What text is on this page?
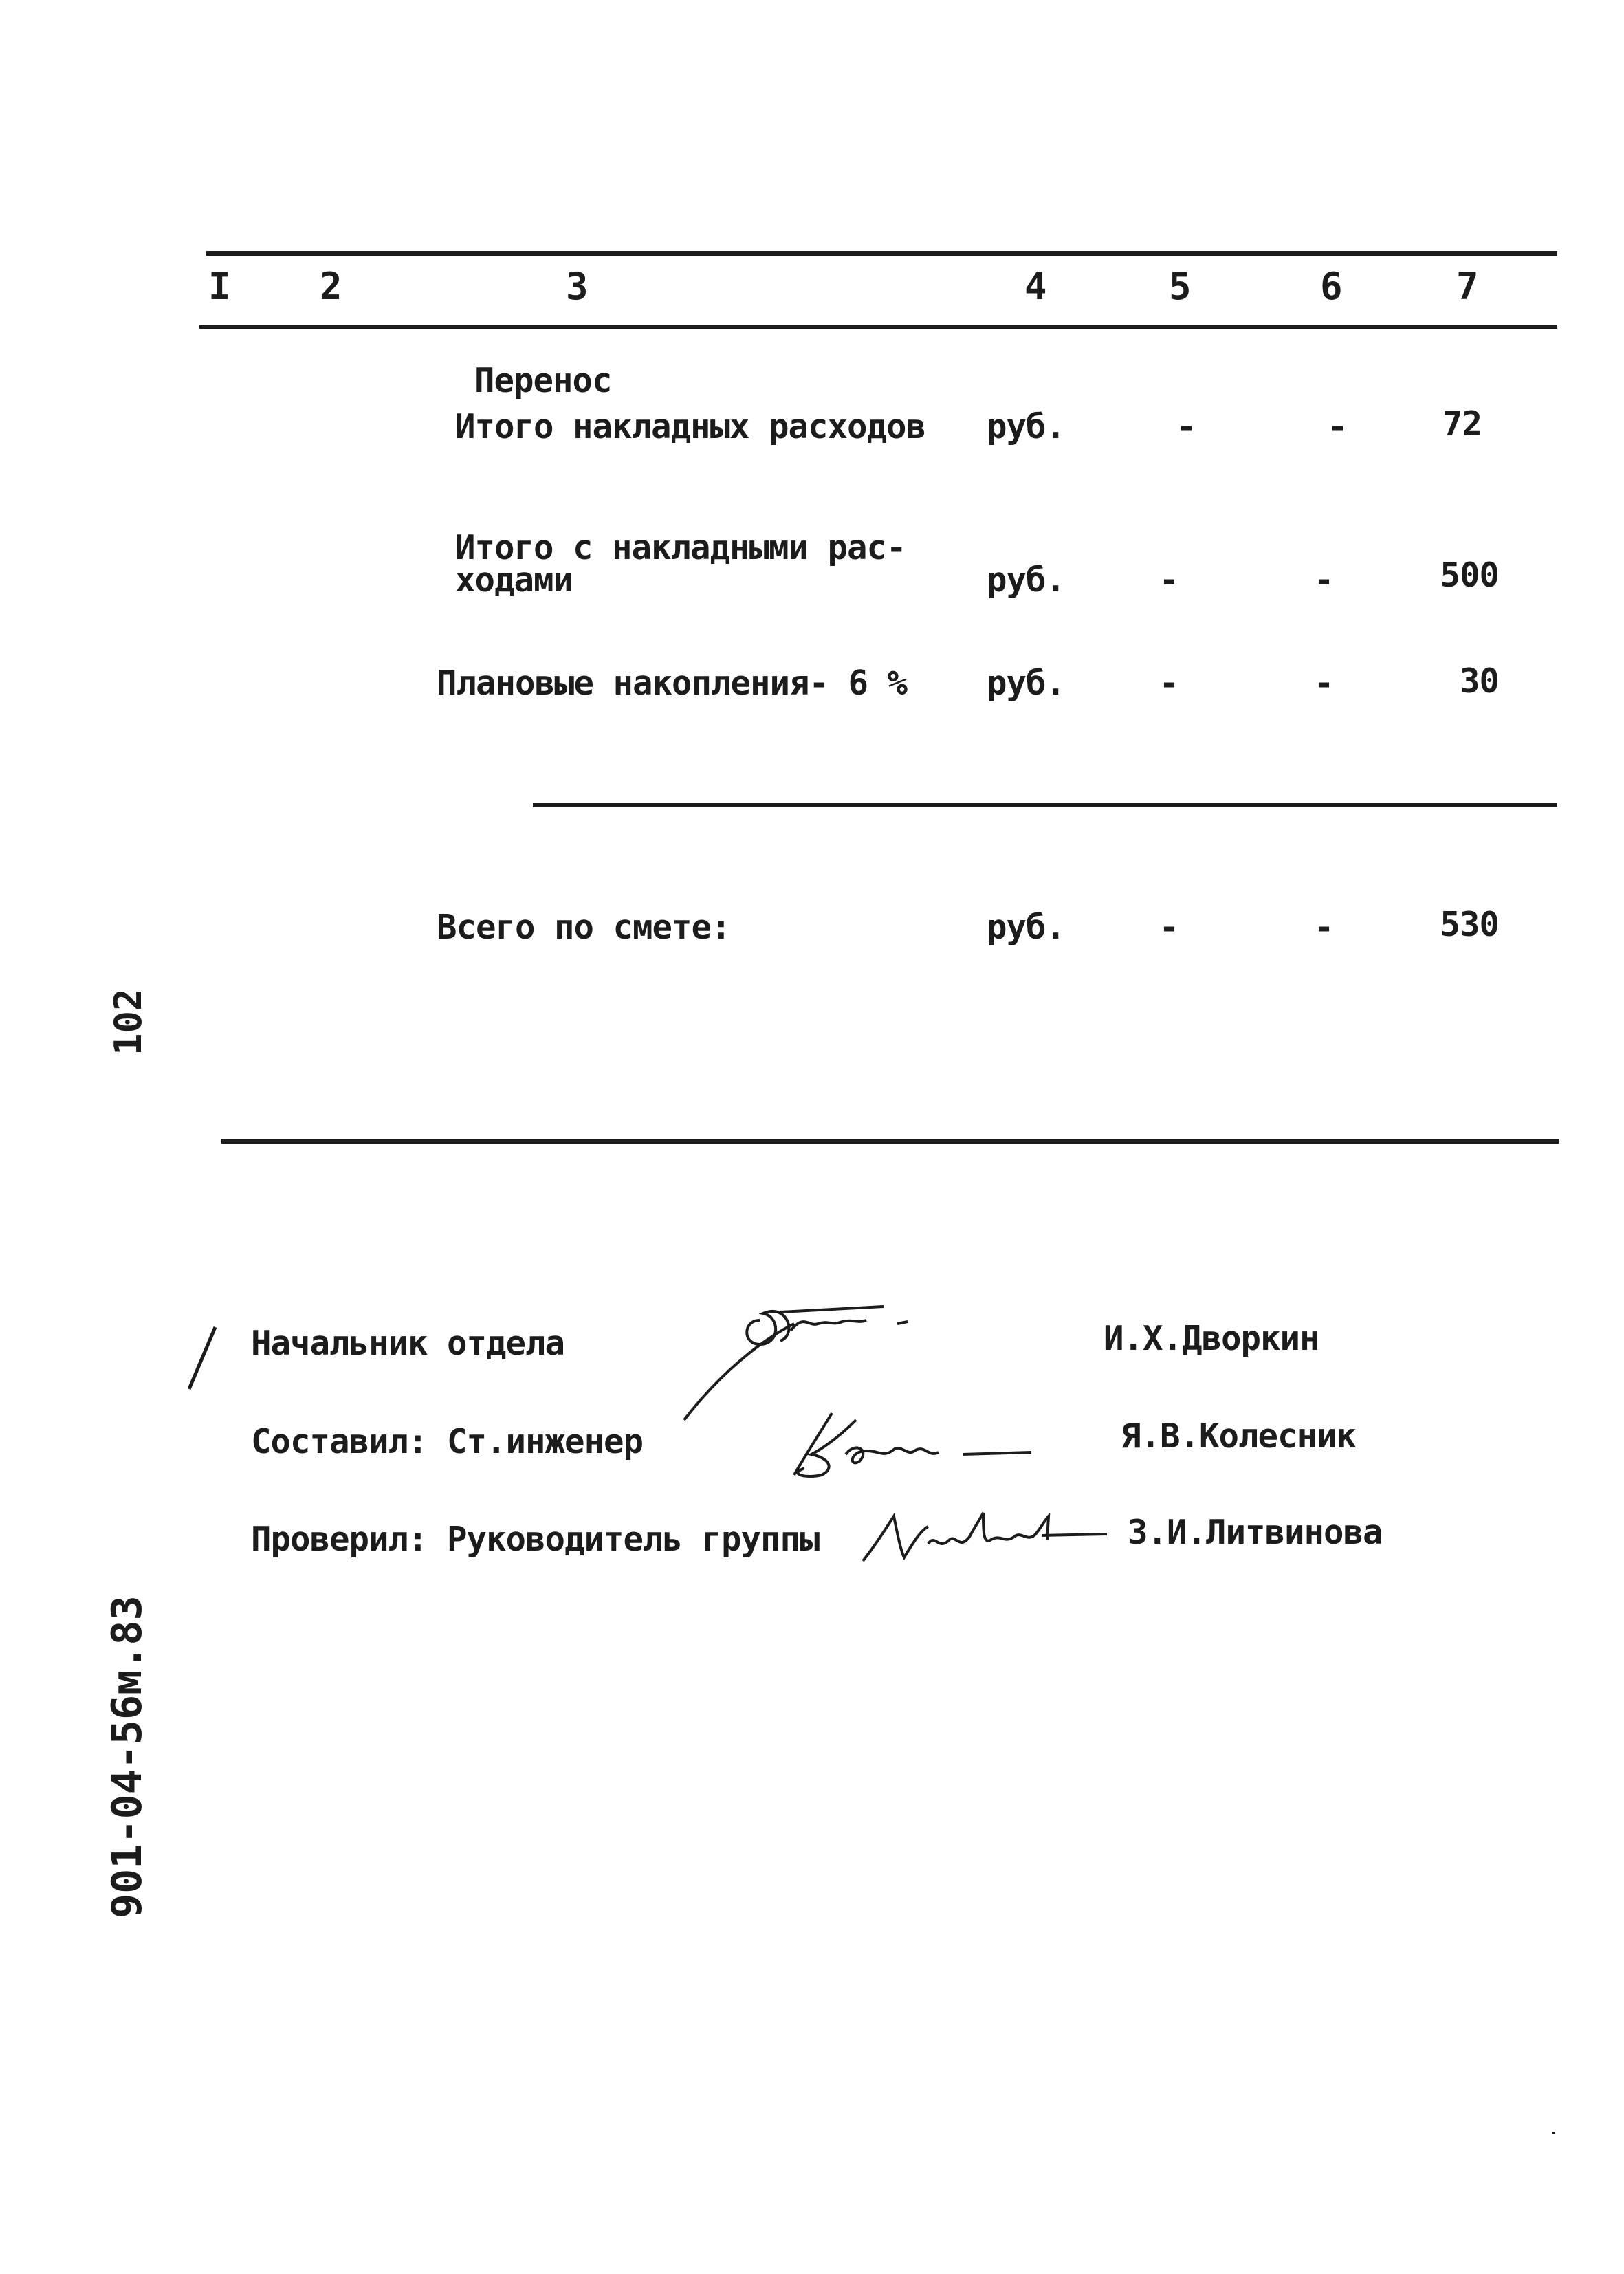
I 2	3	4	5	6	7
Перенос
Итого накладных расходов руб.	-	-	72
Итого с накладными рас-
ходами	руб.	-	-	500
Плановые накопления- 6 % руб.	-	-	30
Всего по смете:	руб.	-	-	530
102
901-04-56м.83
Начальник отдела
Составил: Ст.инженер
Проверил: Руководитель группы
И.Х.Дворкин
Я.В.Колесник
З.И.Литвинова
